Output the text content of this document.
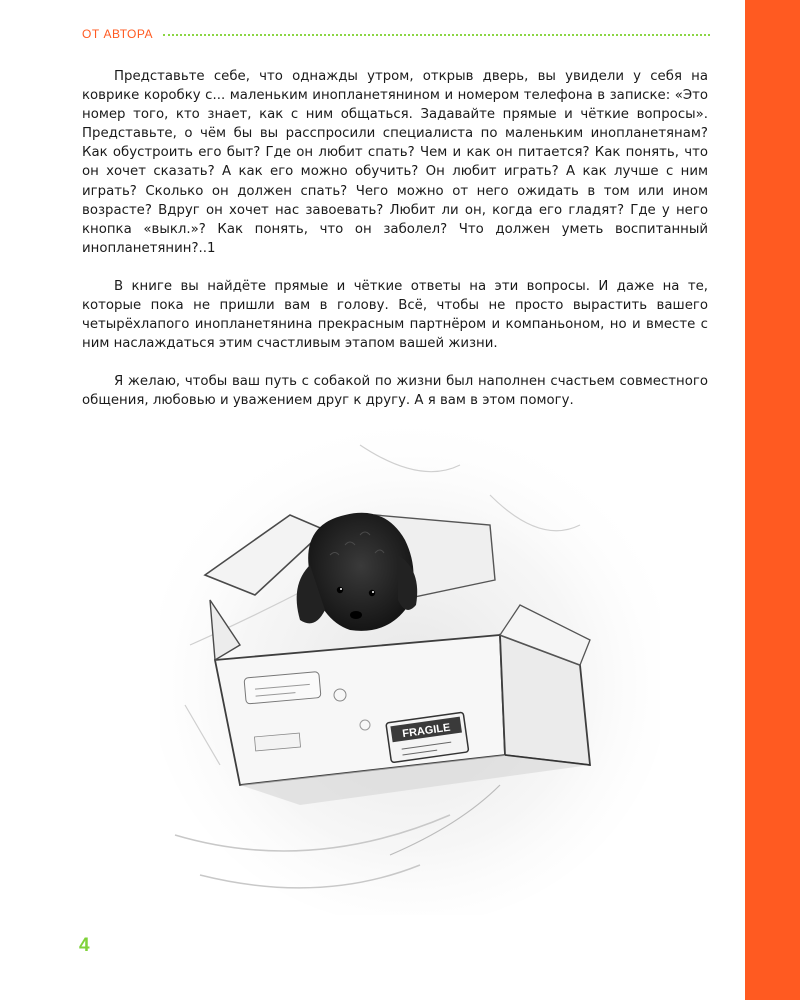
ОТ АВТОРА

Представьте себе, что однажды утром, открыв дверь, вы увидели у себя на коврике коробку с... маленьким инопланетянином и номером телефона в записке: «Это номер того, кто знает, как с ним общаться. Задавайте прямые и чёткие вопросы». Представьте, о чём бы вы расспросили специалиста по маленьким инопланетянам? Как обустроить его быт? Где он любит спать? Чем и как он питается? Как понять, что он хочет сказать? А как его можно обучить? Он любит играть? А как лучше с ним играть? Сколько он должен спать? Чего можно от него ожидать в том или ином возрасте? Вдруг он хочет нас завоевать? Любит ли он, когда его гладят? Где у него кнопка «выкл.»? Как понять, что он заболел? Что должен уметь воспитанный инопланетянин?..1

В книге вы найдёте прямые и чёткие ответы на эти вопросы. И даже на те, которые пока не пришли вам в голову. Всё, чтобы не просто вырастить вашего четырёхлапого инопланетянина прекрасным партнёром и компаньоном, но и вместе с ним наслаждаться этим счастливым этапом вашей жизни.

Я желаю, чтобы ваш путь с собакой по жизни был наполнен счастьем совместного общения, любовью и уважением друг к другу. А я вам в этом помогу.

FRAGILE
4
